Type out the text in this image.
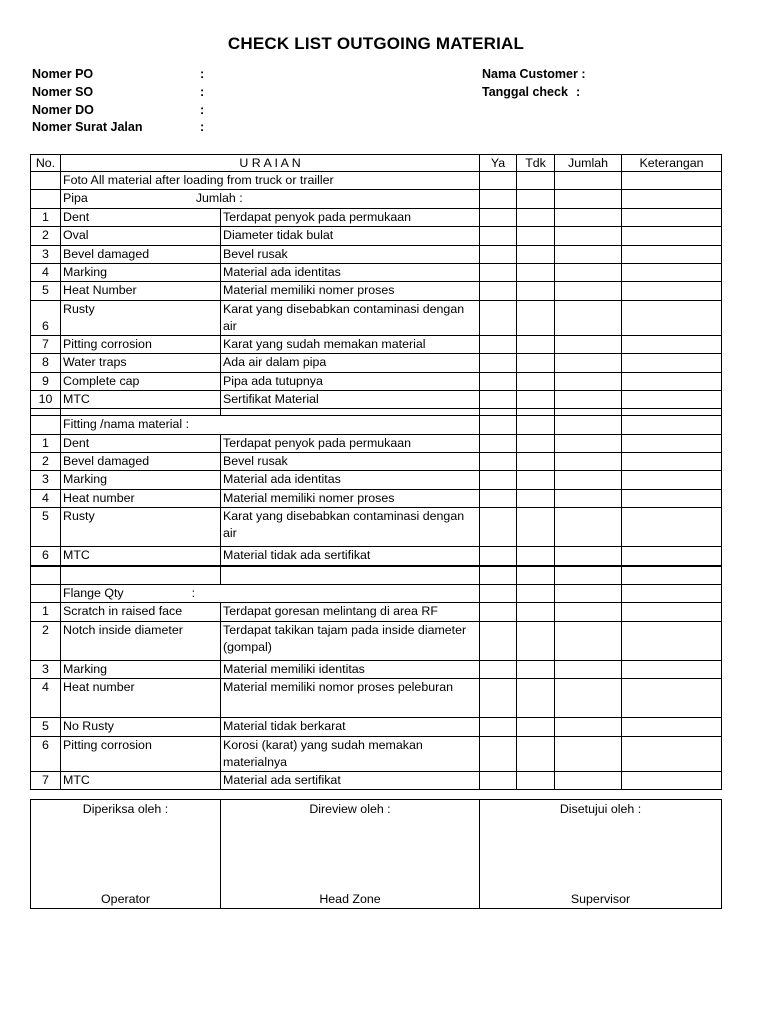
CHECK LIST OUTGOING MATERIAL
Nomer PO	:
Nomer SO	:
Nomer DO	:
Nomer Surat Jalan	:
Nama Customer :
Tanggal check :
No.	U R A I A N		Ya	Tdk	Jumlah	Keterangan
	Foto All material after loading from truck or trailler					
	Pipa Jumlah :					
1	Dent	Terdapat penyok pada permukaan				
2	Oval	Diameter tidak bulat				
3	Bevel damaged	Bevel rusak				
4	Marking	Material ada identitas				
5	Heat Number	Material memiliki nomer proses				
6	Rusty	Karat yang disebabkan contaminasi dengan air				
7	Pitting corrosion	Karat yang sudah memakan material				
8	Water traps	Ada air dalam pipa				
9	Complete cap	Pipa ada tutupnya				
10	MTC	Sertifikat Material				

	Fitting /nama material :					
1	Dent	Terdapat penyok pada permukaan				
2	Bevel damaged	Bevel rusak				
3	Marking	Material ada identitas				
4	Heat number	Material memiliki nomer proses				
5	Rusty	Karat yang disebabkan contaminasi dengan air				
6	MTC	Material tidak ada sertifikat				

	Flange Qty :					
1	Scratch in raised face	Terdapat goresan melintang di area RF				
2	Notch inside diameter	Terdapat takikan tajam pada inside diameter (gompal)				
3	Marking	Material memiliki identitas				
4	Heat number	Material memiliki nomor proses peleburan				
5	No Rusty	Material tidak berkarat				
6	Pitting corrosion	Korosi (karat) yang sudah memakan materialnya				
7	MTC	Material ada sertifikat				
Diperiksa oleh :
Operator

Direview oleh :
Head Zone

Disetujui oleh :
Supervisor
